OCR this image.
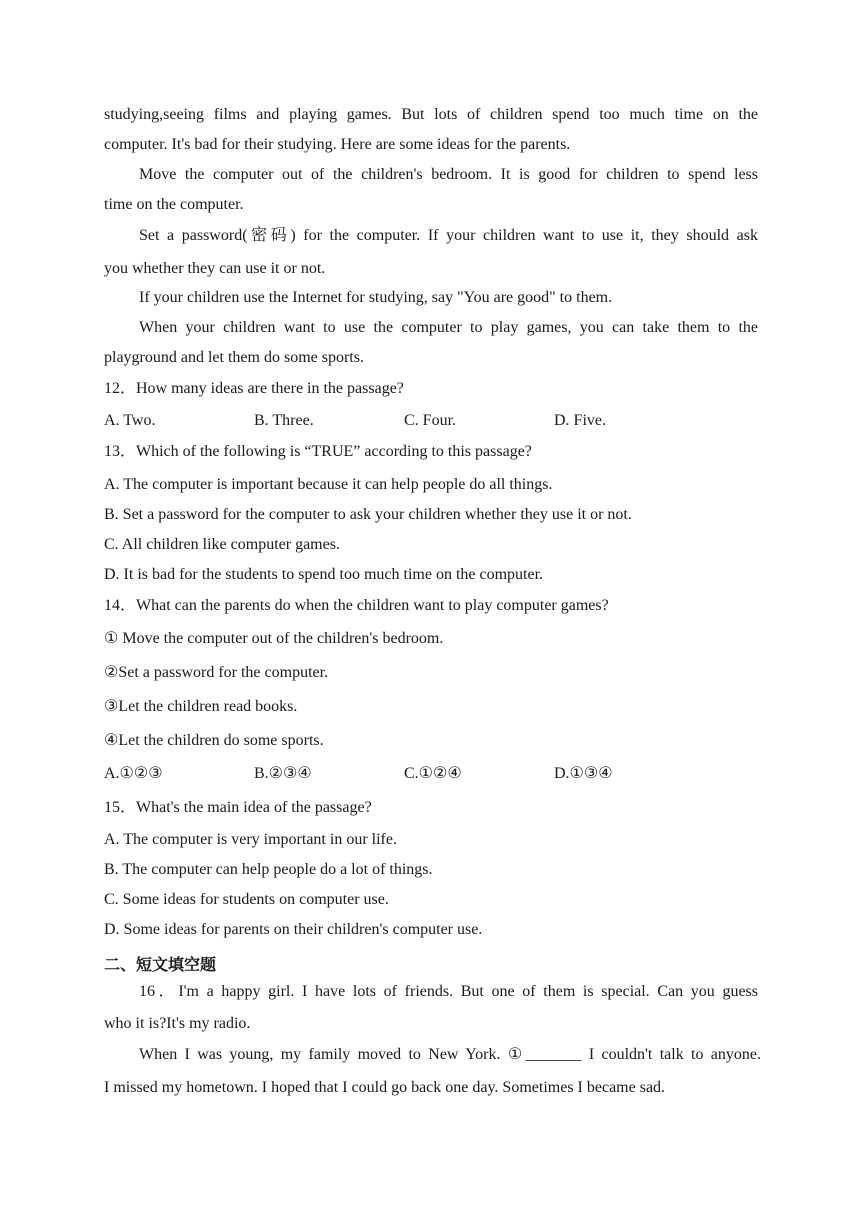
studying,seeing films and playing games. But lots of children spend too much time on the
computer. It's bad for their studying. Here are some ideas for the parents.
Move the computer out of the children's bedroom. It is good for children to spend less
time on the computer.
Set a password(密码) for the computer. If your children want to use it, they should ask
you whether they can use it or not.
If your children use the Internet for studying, say "You are good" to them.
When your children want to use the computer to play games, you can take them to the
playground and let them do some sports.
12．How many ideas are there in the passage?
A. Two.	B. Three.	C. Four.	D. Five.
13．Which of the following is “TRUE” according to this passage?
A. The computer is important because it can help people do all things.
B. Set a password for the computer to ask your children whether they use it or not.
C. All children like computer games.
D. It is bad for the students to spend too much time on the computer.
14．What can the parents do when the children want to play computer games?
① Move the computer out of the children's bedroom.
②Set a password for the computer.
③Let the children read books.
④Let the children do some sports.
A.①②③	B.②③④	C.①②④	D.①③④
15．What's the main idea of the passage?
A. The computer is very important in our life.
B. The computer can help people do a lot of things.
C. Some ideas for students on computer use.
D. Some ideas for parents on their children's computer use.
二、短文填空题
16．I'm a happy girl. I have lots of friends. But one of them is special. Can you guess
who it is?It's my radio.
When I was young, my family moved to New York. ①_______ I couldn't talk to anyone.
I missed my hometown. I hoped that I could go back one day. Sometimes I became sad.
